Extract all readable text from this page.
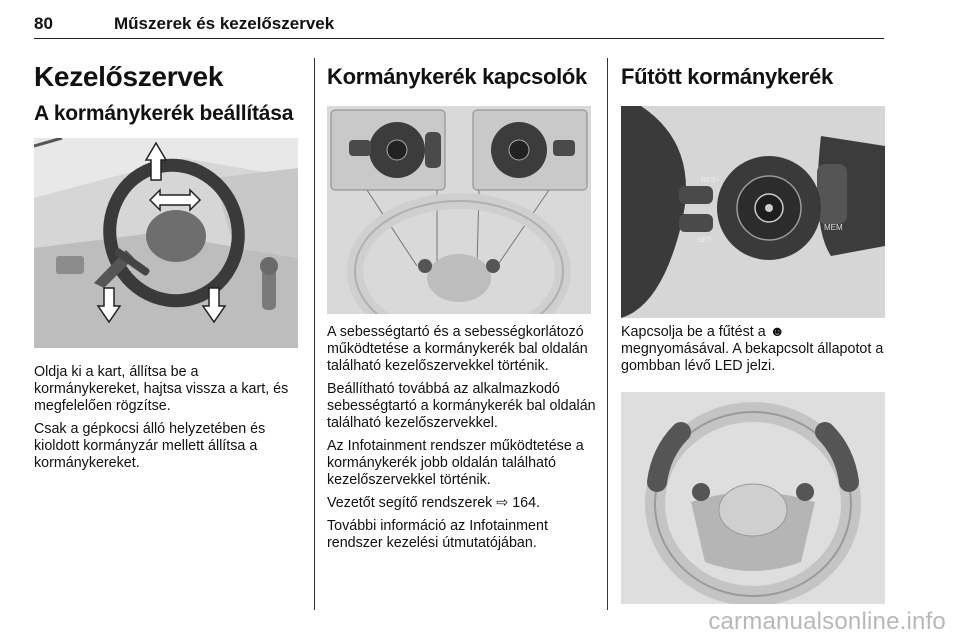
80	Műszerek és kezelőszervek
Kezelőszervek
A kormánykerék beállítása

Oldja ki a kart, állítsa be a kormánykereket, hajtsa vissza a kart, és megfelelően rögzítse.

Csak a gépkocsi álló helyzetében és kioldott kormányzár mellett állítsa a kormánykereket.

Kormánykerék kapcsolók

A sebességtartó és a sebességkorlátozó működtetése a kormánykerék bal oldalán található kezelőszervekkel történik.

Beállítható továbbá az alkalmazkodó sebességtartó a kormánykerék bal oldalán található kezelőszervekkel.

Az Infotainment rendszer működtetése a kormánykerék jobb oldalán található kezelőszervekkel történik.

Vezetőt segítő rendszerek ⇨ 164.

További információ az Infotainment rendszer kezelési útmutatójában.

Fűtött kormánykerék
MEM
RES+
SET-

Kapcsolja be a fűtést a ☻ megnyomásával. A bekapcsolt állapotot a gombban lévő LED jelzi.

carmanualsonline.info
